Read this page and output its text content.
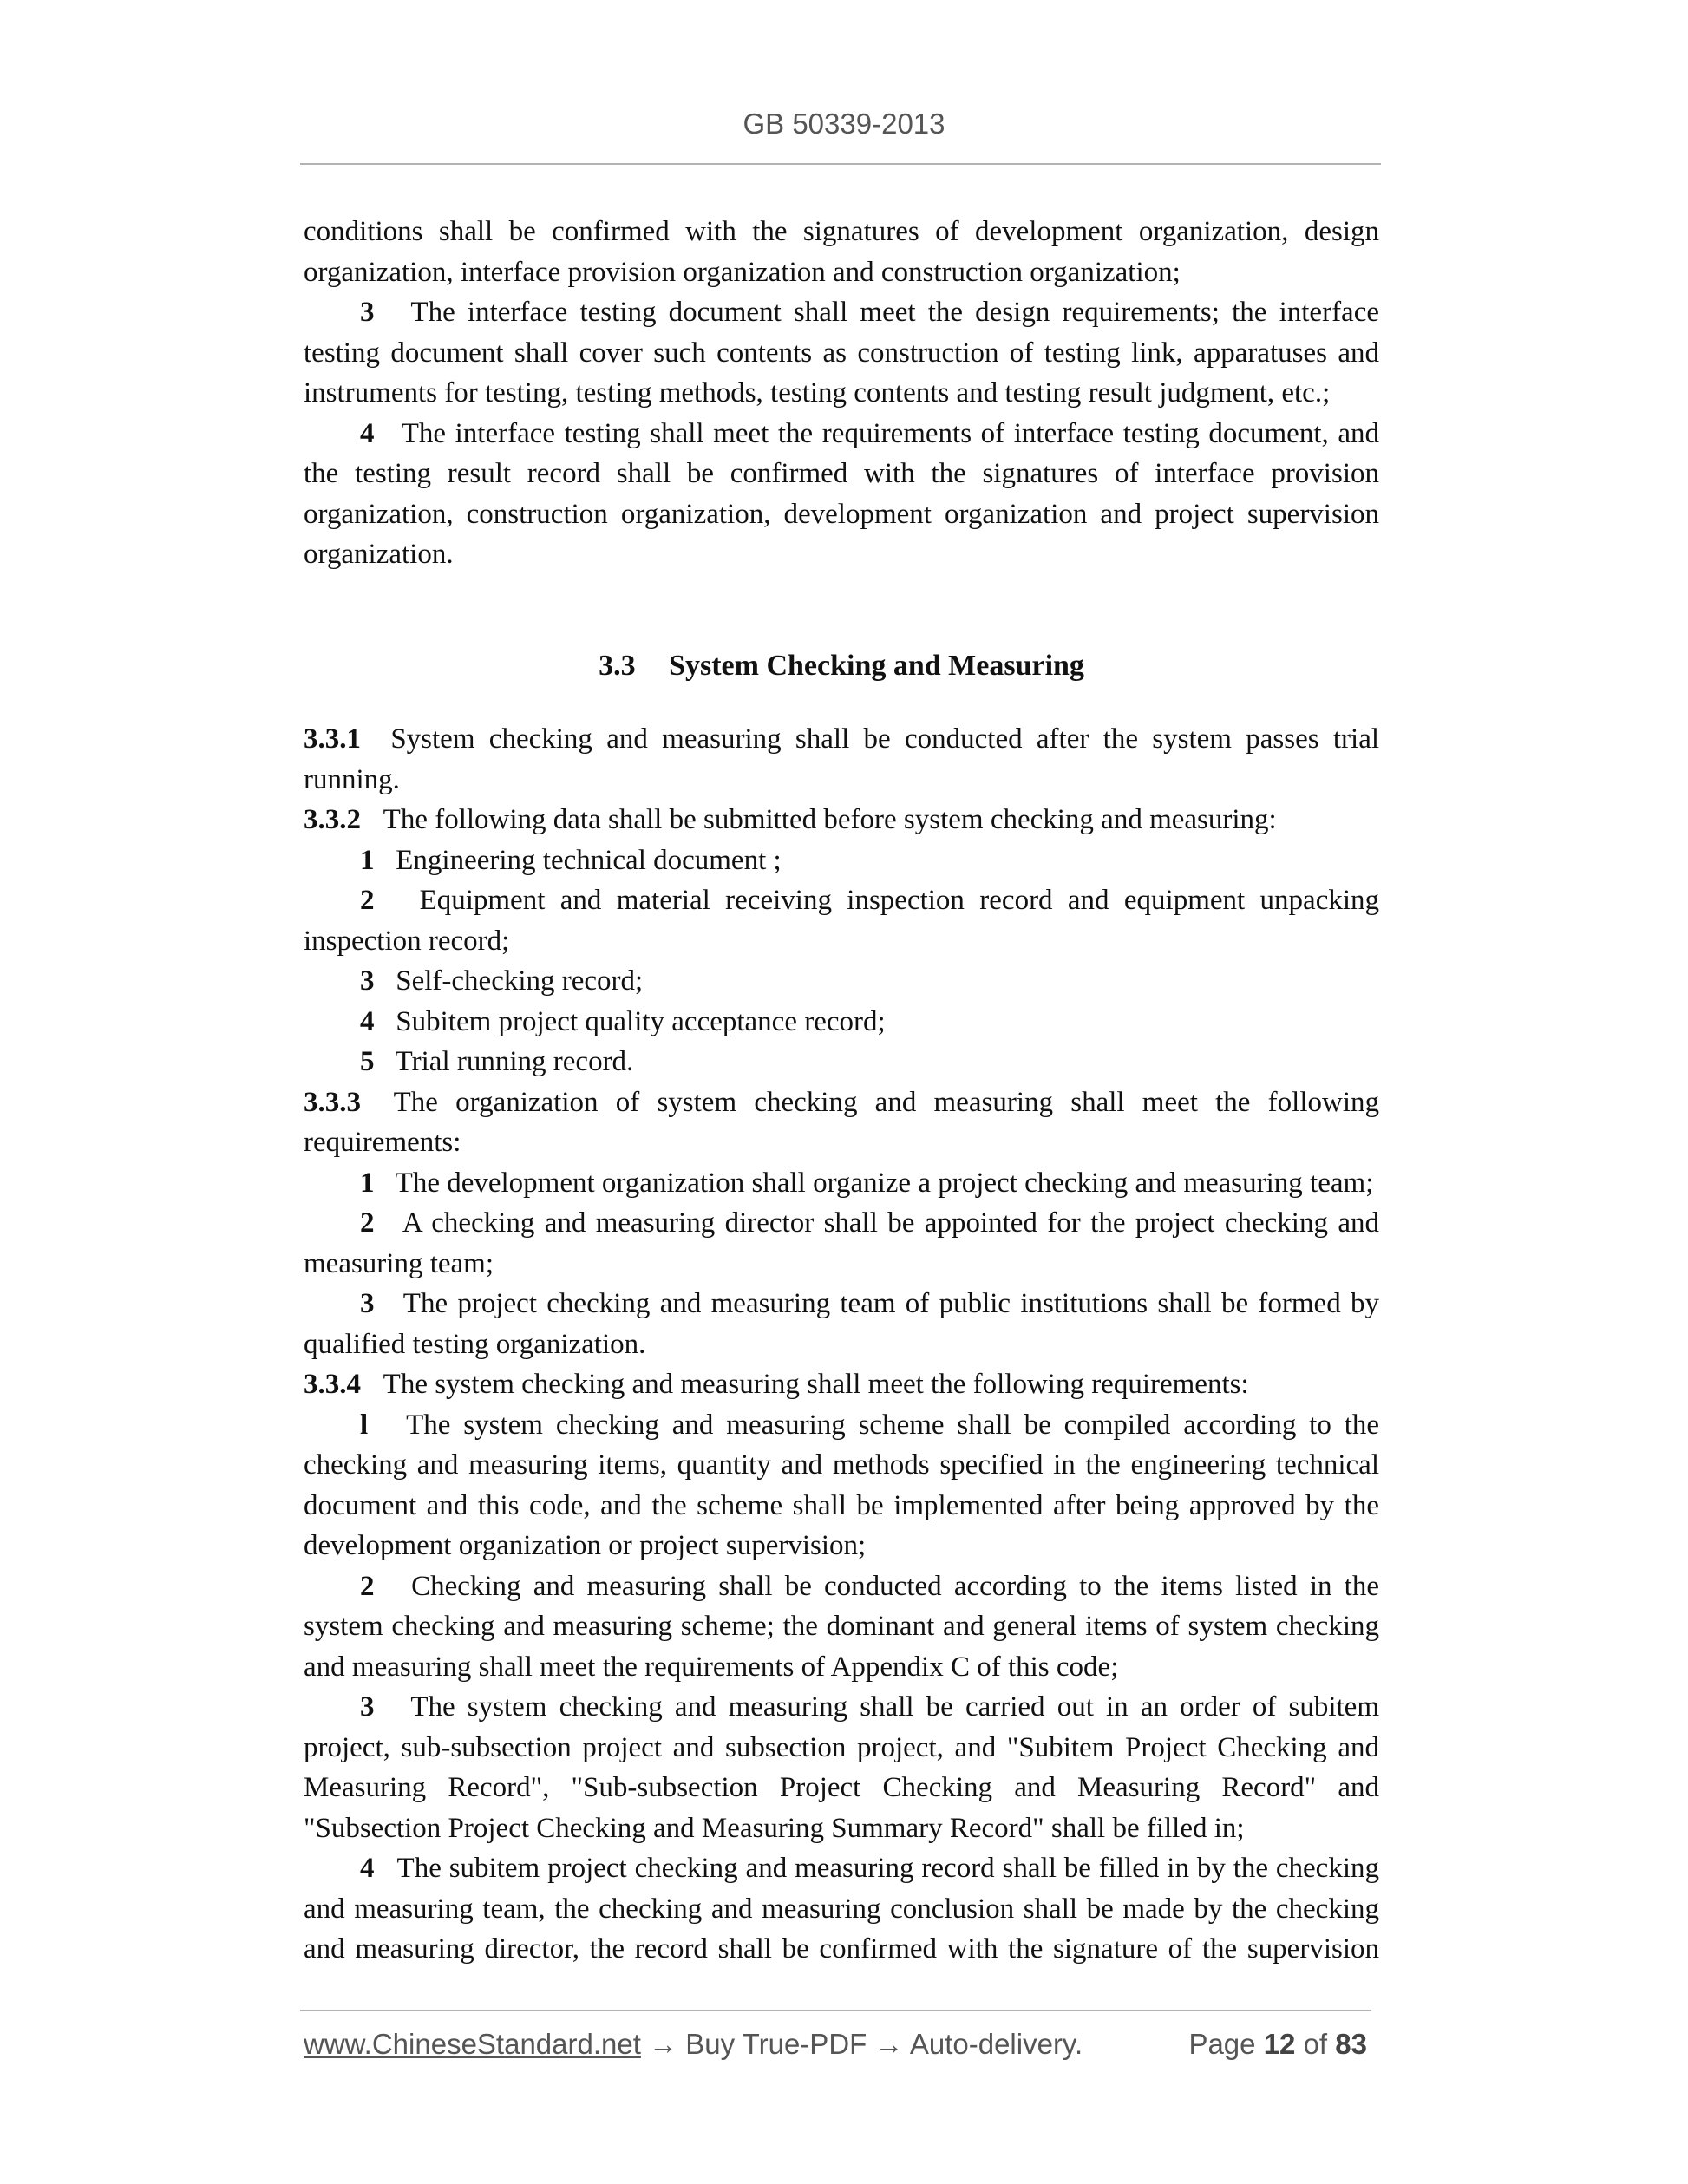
GB 50339-2013

conditions shall be confirmed with the signatures of development organization, design organization, interface provision organization and construction organization;

3 The interface testing document shall meet the design requirements; the interface testing document shall cover such contents as construction of testing link, apparatuses and instruments for testing, testing methods, testing contents and testing result judgment, etc.;

4 The interface testing shall meet the requirements of interface testing document, and the testing result record shall be confirmed with the signatures of interface provision organization, construction organization, development organization and project supervision organization.

3.3 System Checking and Measuring

3.3.1 System checking and measuring shall be conducted after the system passes trial running.

3.3.2 The following data shall be submitted before system checking and measuring:

1 Engineering technical document ;

2 Equipment and material receiving inspection record and equipment unpacking inspection record;

3 Self-checking record;

4 Subitem project quality acceptance record;

5 Trial running record.

3.3.3 The organization of system checking and measuring shall meet the following requirements:

1 The development organization shall organize a project checking and measuring team;

2 A checking and measuring director shall be appointed for the project checking and measuring team;

3 The project checking and measuring team of public institutions shall be formed by qualified testing organization.

3.3.4 The system checking and measuring shall meet the following requirements:

l The system checking and measuring scheme shall be compiled according to the checking and measuring items, quantity and methods specified in the engineering technical document and this code, and the scheme shall be implemented after being approved by the development organization or project supervision;

2 Checking and measuring shall be conducted according to the items listed in the system checking and measuring scheme; the dominant and general items of system checking and measuring shall meet the requirements of Appendix C of this code;

3 The system checking and measuring shall be carried out in an order of subitem project, sub-subsection project and subsection project, and "Subitem Project Checking and Measuring Record", "Sub-subsection Project Checking and Measuring Record" and "Subsection Project Checking and Measuring Summary Record" shall be filled in;

4 The subitem project checking and measuring record shall be filled in by the checking and measuring team, the checking and measuring conclusion shall be made by the checking and measuring director, the record shall be confirmed with the signature of the supervision

www.ChineseStandard.net → Buy True-PDF → Auto-delivery.	Page 12 of 83
